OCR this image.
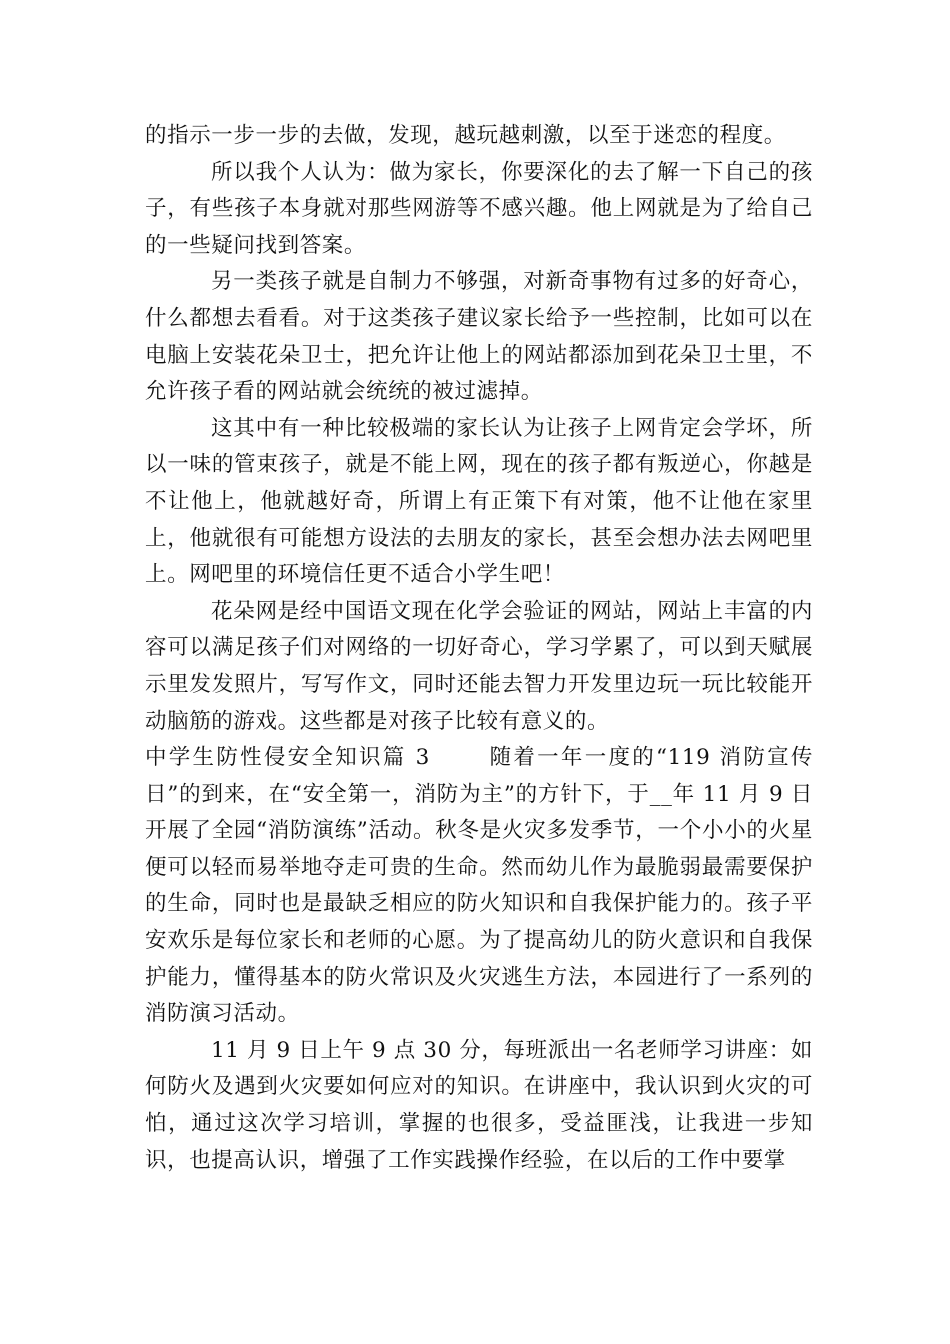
的指示一步一步的去做，发现，越玩越刺激，以至于迷恋的程度。

所以我个人认为：做为家长，你要深化的去了解一下自己的孩子，有些孩子本身就对那些网游等不感兴趣。他上网就是为了给自己的一些疑问找到答案。

另一类孩子就是自制力不够强，对新奇事物有过多的好奇心，什么都想去看看。对于这类孩子建议家长给予一些控制，比如可以在电脑上安装花朵卫士，把允许让他上的网站都添加到花朵卫士里，不允许孩子看的网站就会统统的被过滤掉。

这其中有一种比较极端的家长认为让孩子上网肯定会学坏，所以一味的管束孩子，就是不能上网，现在的孩子都有叛逆心，你越是不让他上，他就越好奇，所谓上有正策下有对策，他不让他在家里上，他就很有可能想方设法的去朋友的家长，甚至会想办法去网吧里上。网吧里的环境信任更不适合小学生吧！

花朵网是经中国语文现在化学会验证的网站，网站上丰富的内容可以满足孩子们对网络的一切好奇心，学习学累了，可以到天赋展示里发发照片，写写作文，同时还能去智力开发里边玩一玩比较能开动脑筋的游戏。这些都是对孩子比较有意义的。

中学生防性侵安全知识篇 3	随着一年一度的“119 消防宣传日”的到来，在“安全第一，消防为主”的方针下，于__年 11 月 9 日开展了全园“消防演练”活动。秋冬是火灾多发季节，一个小小的火星便可以轻而易举地夺走可贵的生命。然而幼儿作为最脆弱最需要保护的生命，同时也是最缺乏相应的防火知识和自我保护能力的。孩子平安欢乐是每位家长和老师的心愿。为了提高幼儿的防火意识和自我保护能力，懂得基本的防火常识及火灾逃生方法，本园进行了一系列的消防演习活动。

11 月 9 日上午 9 点 30 分，每班派出一名老师学习讲座：如何防火及遇到火灾要如何应对的知识。在讲座中，我认识到火灾的可怕，通过这次学习培训，掌握的也很多，受益匪浅，让我进一步知识，也提高认识，增强了工作实践操作经验，在以后的工作中要掌
